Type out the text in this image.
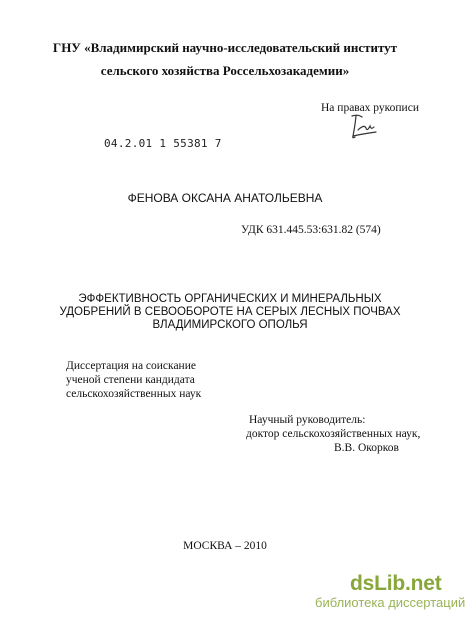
ГНУ «Владимирский научно-исследовательский институт
сельского хозяйства Россельхозакадемии»
На правах рукописи
04.2.01 1 55381 7
ФЕНОВА ОКСАНА АНАТОЛЬЕВНА
УДК 631.445.53:631.82 (574)
ЭФФЕКТИВНОСТЬ ОРГАНИЧЕСКИХ И МИНЕРАЛЬНЫХ
УДОБРЕНИЙ В СЕВООБОРОТЕ НА СЕРЫХ ЛЕСНЫХ ПОЧВАХ
ВЛАДИМИРСКОГО ОПОЛЬЯ
Диссертация на соискание
ученой степени кандидата
сельскохозяйственных наук
Научный руководитель:
доктор сельскохозяйственных наук,
В.В. Окорков
МОСКВА – 2010
dsLib.net
библиотека диссертаций
